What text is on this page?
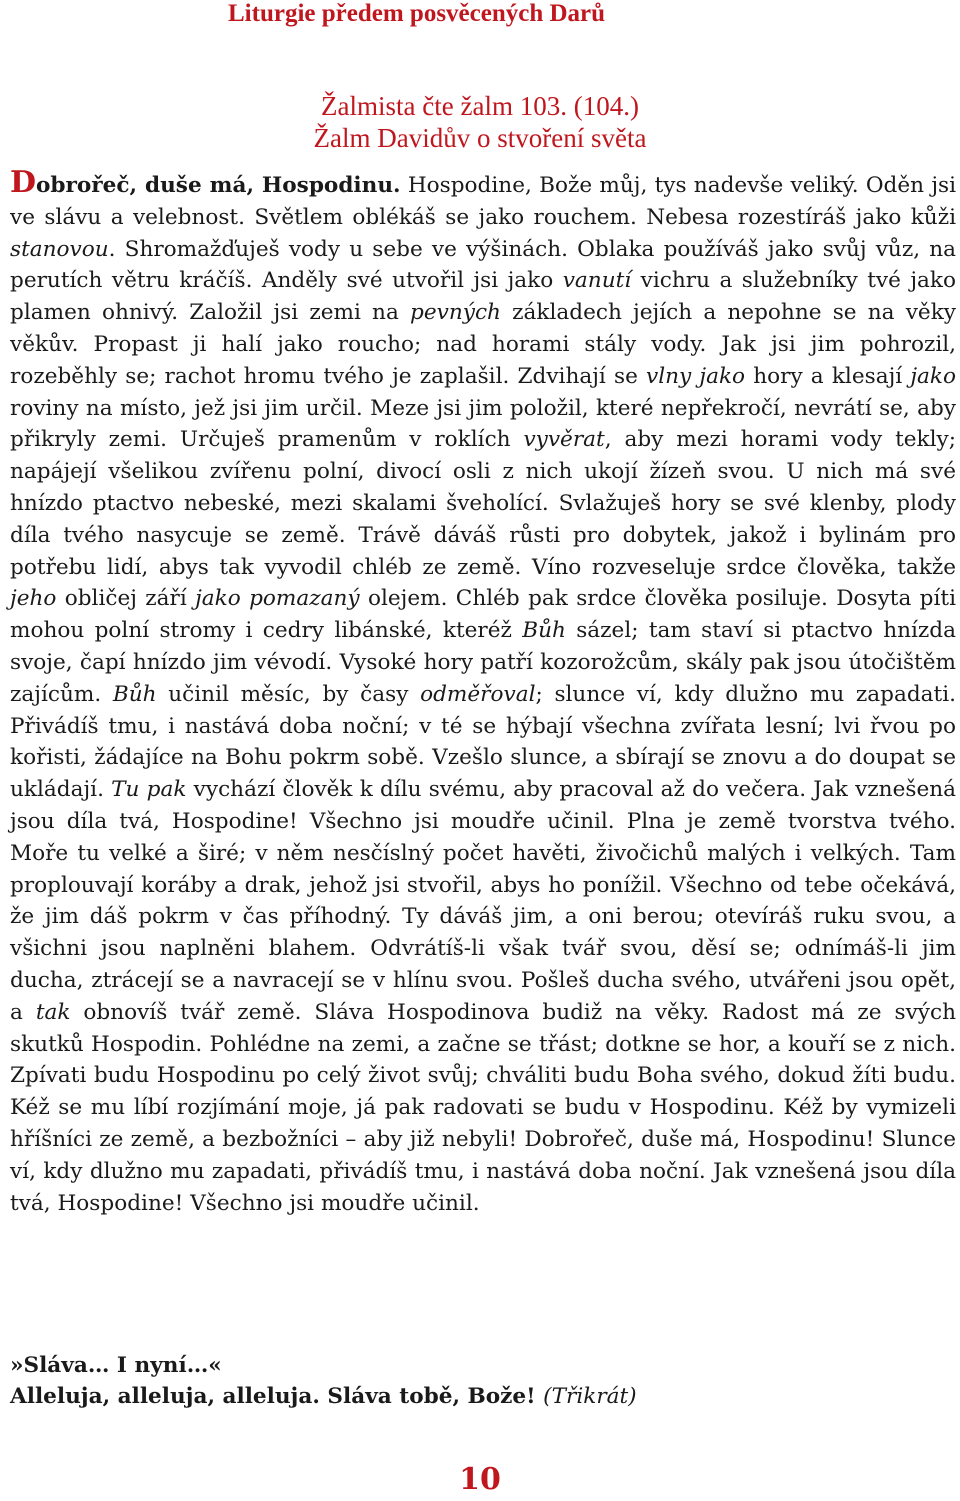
Liturgie předem posvěcených Darů
Žalmista čte žalm 103. (104.)
Žalm Davidův o stvoření světa
Dobrořeč, duše má, Hospodinu. Hospodine, Bože můj, tys nadevše veliký. Oděn jsi ve slávu a velebnost. Světlem oblékáš se jako rouchem. Nebesa rozestíráš jako kůži stanovou. Shromažďuješ vody u sebe ve výšinách. Oblaka používáš jako svůj vůz, na perutích větru kráčíš. Anděly své utvořil jsi jako vanutí vichru a služebníky tvé jako plamen ohnivý. Založil jsi zemi na pevných základech jejích a nepohne se na věky věkův. Propast ji halí jako roucho; nad horami stály vody. Jak jsi jim pohrozil, rozeběhly se; rachot hromu tvého je zaplašil. Zdvihají se vlny jako hory a klesají jako roviny na místo, jež jsi jim určil. Meze jsi jim položil, které nepřekročí, nevrátí se, aby přikryly zemi. Určuješ pramenům v roklích vyvěrat, aby mezi horami vody tekly; napájejí všelikou zvířenu polní, divocí osli z nich ukojí žízeň svou. U nich má své hnízdo ptactvo nebeské, mezi skalami šveholící. Svlažuješ hory se své klenby, plody díla tvého nasycuje se země. Trávě dáváš růsti pro dobytek, jakož i bylinám pro potřebu lidí, abys tak vyvodil chléb ze země. Víno rozveseluje srdce člověka, takže jeho obličej září jako pomazaný olejem. Chléb pak srdce člověka posiluje. Dosyta píti mohou polní stromy i cedry libánské, kteréž Bůh sázel; tam staví si ptactvo hnízda svoje, čapí hnízdo jim vévodí. Vysoké hory patří kozorožcům, skály pak jsou útočištěm zajícům. Bůh učinil měsíc, by časy odměřoval; slunce ví, kdy dlužno mu zapadati. Přivádíš tmu, i nastává doba noční; v té se hýbají všechna zvířata lesní; lvi řvou po kořisti, žádajíce na Bohu pokrm sobě. Vzešlo slunce, a sbírají se znovu a do doupat se ukládají. Tu pak vychází člověk k dílu svému, aby pracoval až do večera. Jak vznešená jsou díla tvá, Hospodine! Všechno jsi moudře učinil. Plna je země tvorstva tvého. Moře tu velké a širé; v něm nesčíslný počet havěti, živočichů malých i velkých. Tam proplouvají koráby a drak, jehož jsi stvořil, abys ho ponížil. Všechno od tebe očekává, že jim dáš pokrm v čas příhodný. Ty dáváš jim, a oni berou; otevíráš ruku svou, a všichni jsou naplněni blahem. Odvrátíš-li však tvář svou, děsí se; odnímáš-li jim ducha, ztrácejí se a navracejí se v hlínu svou. Pošleš ducha svého, utvářeni jsou opět, a tak obnovíš tvář země. Sláva Hospodinova budiž na věky. Radost má ze svých skutků Hospodin. Pohlédne na zemi, a začne se třást; dotkne se hor, a kouří se z nich. Zpívati budu Hospodinu po celý život svůj; chváliti budu Boha svého, dokud žíti budu. Kéž se mu líbí rozjímání moje, já pak radovati se budu v Hospodinu. Kéž by vymizeli hříšníci ze země, a bezbožníci – aby již nebyli! Dobrořeč, duše má, Hospodinu! Slunce ví, kdy dlužno mu zapadati, přivádíš tmu, i nastává doba noční. Jak vznešená jsou díla tvá, Hospodine! Všechno jsi moudře učinil.
»Sláva… I nyní…«
Alleluja, alleluja, alleluja. Sláva tobě, Bože! (Třikrát)
10
